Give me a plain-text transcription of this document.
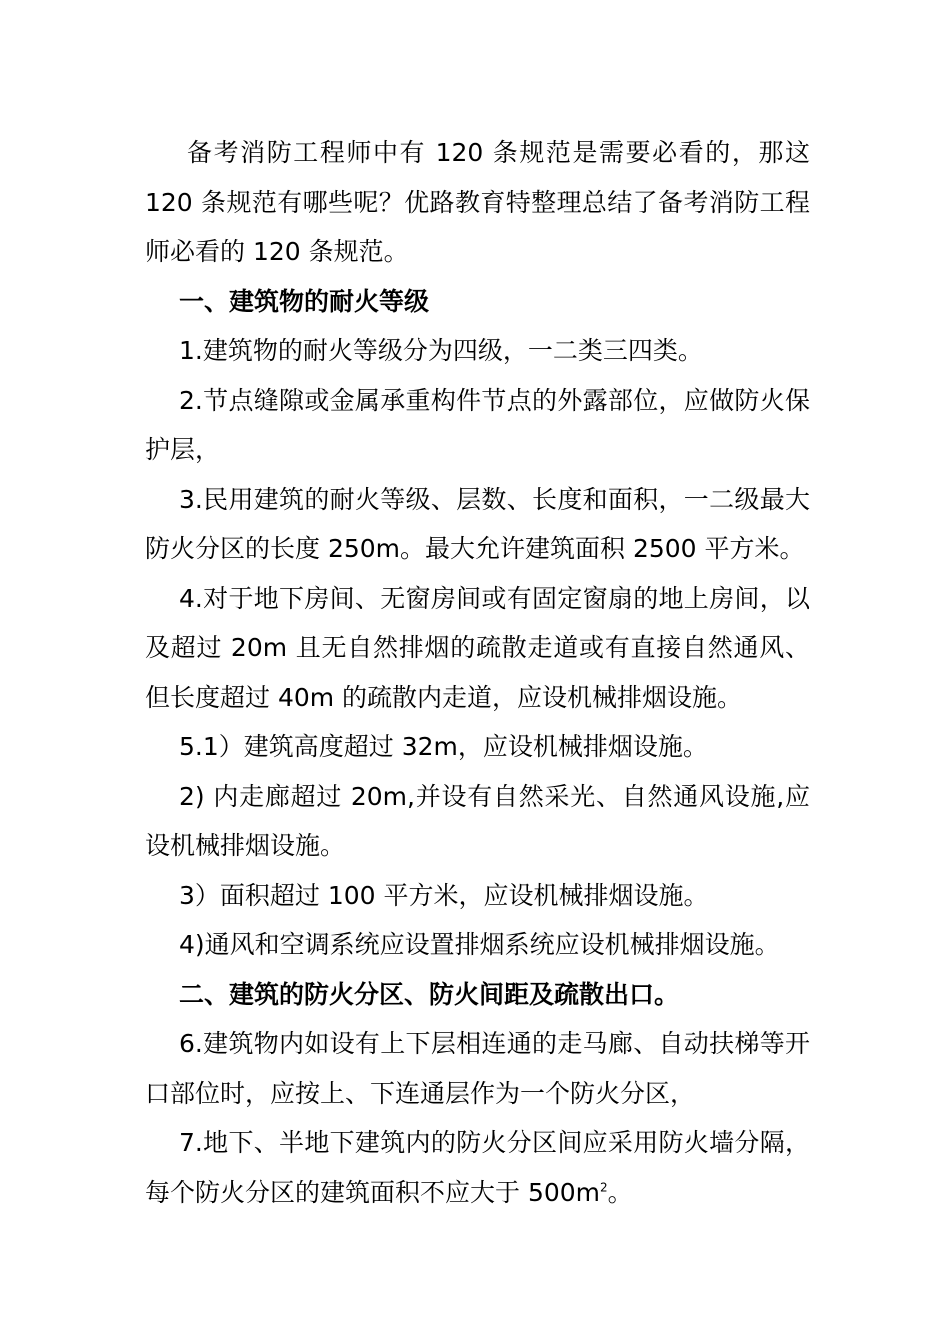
备考消防工程师中有 120 条规范是需要必看的，那这 120 条规范有哪些呢？优路教育特整理总结了备考消防工程师必看的 120 条规范。

一、建筑物的耐火等级

1.建筑物的耐火等级分为四级，一二类三四类。

2.节点缝隙或金属承重构件节点的外露部位，应做防火保护层，

3.民用建筑的耐火等级、层数、长度和面积，一二级最大防火分区的长度 250m。最大允许建筑面积 2500 平方米。

4.对于地下房间、无窗房间或有固定窗扇的地上房间，以及超过 20m 且无自然排烟的疏散走道或有直接自然通风、但长度超过 40m 的疏散内走道，应设机械排烟设施。

5.1）建筑高度超过 32m，应设机械排烟设施。

2) 内走廊超过 20m,并设有自然采光、自然通风设施,应设机械排烟设施。

3）面积超过 100 平方米，应设机械排烟设施。

4)通风和空调系统应设置排烟系统应设机械排烟设施。

二、建筑的防火分区、防火间距及疏散出口。

6.建筑物内如设有上下层相连通的走马廊、自动扶梯等开口部位时，应按上、下连通层作为一个防火分区，

7.地下、半地下建筑内的防火分区间应采用防火墙分隔，每个防火分区的建筑面积不应大于 $500m^2$。
